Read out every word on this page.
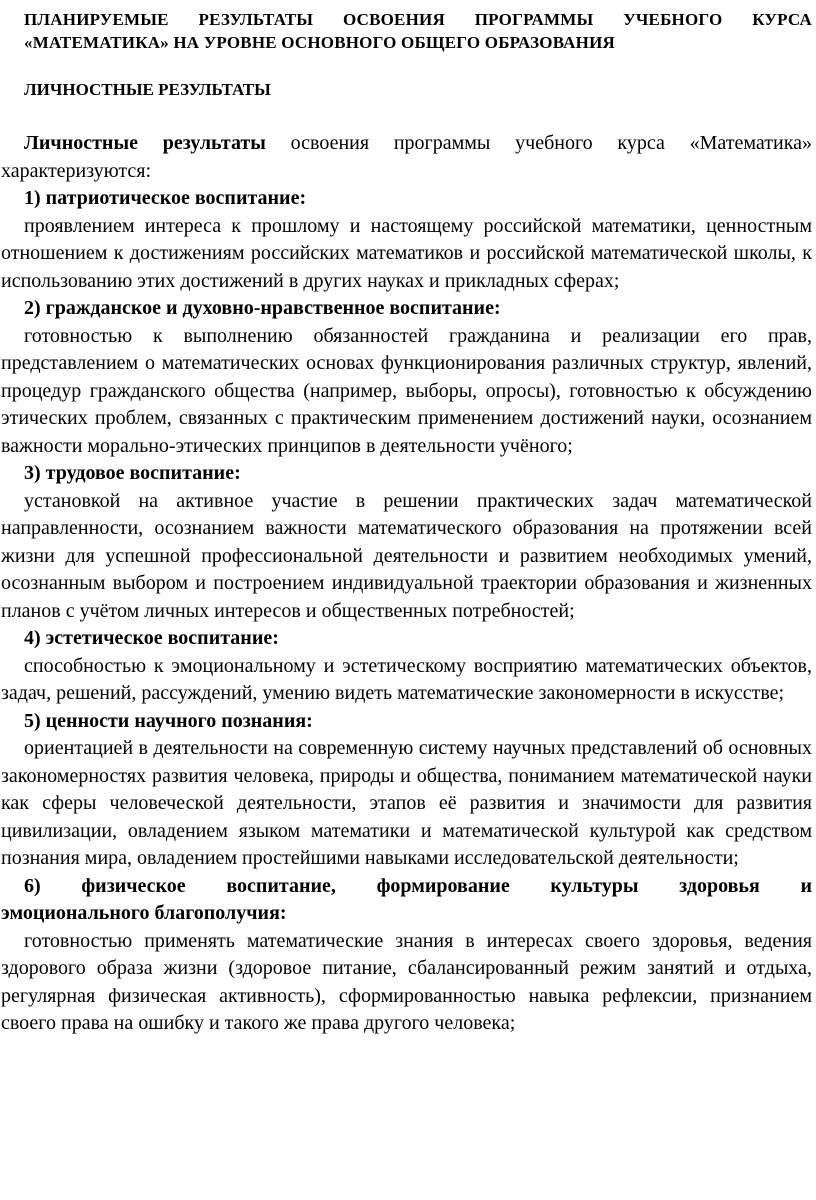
ПЛАНИРУЕМЫЕ РЕЗУЛЬТАТЫ ОСВОЕНИЯ ПРОГРАММЫ УЧЕБНОГО КУРСА
«МАТЕМАТИКА» НА УРОВНЕ ОСНОВНОГО ОБЩЕГО ОБРАЗОВАНИЯ
ЛИЧНОСТНЫЕ РЕЗУЛЬТАТЫ

Личностные результаты освоения программы учебного курса «Математика» характеризуются:

1) патриотическое воспитание:

проявлением интереса к прошлому и настоящему российской математики, ценностным отношением к достижениям российских математиков и российской математической школы, к использованию этих достижений в других науках и прикладных сферах;

2) гражданское и духовно-нравственное воспитание:

готовностью к выполнению обязанностей гражданина и реализации его прав, представлением о математических основах функционирования различных структур, явлений, процедур гражданского общества (например, выборы, опросы), готовностью к обсуждению этических проблем, связанных с практическим применением достижений науки, осознанием важности морально-этических принципов в деятельности учёного;

3) трудовое воспитание:

установкой на активное участие в решении практических задач математической направленности, осознанием важности математического образования на протяжении всей жизни для успешной профессиональной деятельности и развитием необходимых умений, осознанным выбором и построением индивидуальной траектории образования и жизненных планов с учётом личных интересов и общественных потребностей;

4) эстетическое воспитание:

способностью к эмоциональному и эстетическому восприятию математических объектов, задач, решений, рассуждений, умению видеть математические закономерности в искусстве;

5) ценности научного познания:

ориентацией в деятельности на современную систему научных представлений об основных закономерностях развития человека, природы и общества, пониманием математической науки как сферы человеческой деятельности, этапов её развития и значимости для развития цивилизации, овладением языком математики и математической культурой как средством познания мира, овладением простейшими навыками исследовательской деятельности;

6) физическое воспитание, формирование культуры здоровья и
эмоционального благополучия:

готовностью применять математические знания в интересах своего здоровья, ведения здорового образа жизни (здоровое питание, сбалансированный режим занятий и отдыха, регулярная физическая активность), сформированностью навыка рефлексии, признанием своего права на ошибку и такого же права другого человека;
